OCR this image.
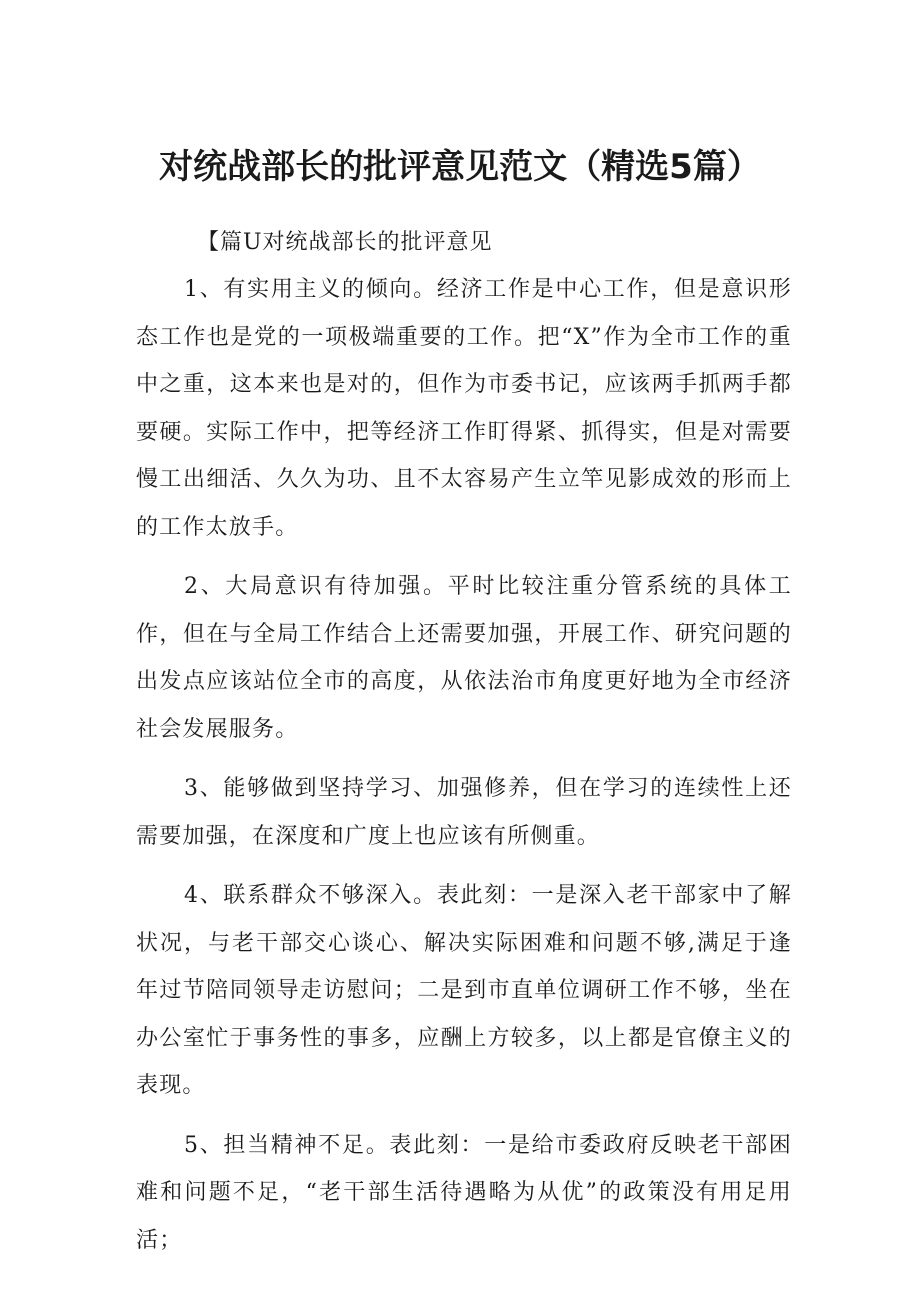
对统战部长的批评意见范文（精选5篇）

【篇U对统战部长的批评意见

1、有实用主义的倾向。经济工作是中心工作，但是意识形态工作也是党的一项极端重要的工作。把“X”作为全市工作的重中之重，这本来也是对的，但作为市委书记，应该两手抓两手都要硬。实际工作中，把等经济工作盯得紧、抓得实，但是对需要慢工出细活、久久为功、且不太容易产生立竿见影成效的形而上的工作太放手。

2、大局意识有待加强。平时比较注重分管系统的具体工作，但在与全局工作结合上还需要加强，开展工作、研究问题的出发点应该站位全市的高度，从依法治市角度更好地为全市经济社会发展服务。

3、能够做到坚持学习、加强修养，但在学习的连续性上还需要加强，在深度和广度上也应该有所侧重。

4、联系群众不够深入。表此刻：一是深入老干部家中了解状况，与老干部交心谈心、解决实际困难和问题不够,满足于逢年过节陪同领导走访慰问；二是到市直单位调研工作不够，坐在办公室忙于事务性的事多，应酬上方较多，以上都是官僚主义的表现。

5、担当精神不足。表此刻：一是给市委政府反映老干部困难和问题不足，“老干部生活待遇略为从优”的政策没有用足用活；
